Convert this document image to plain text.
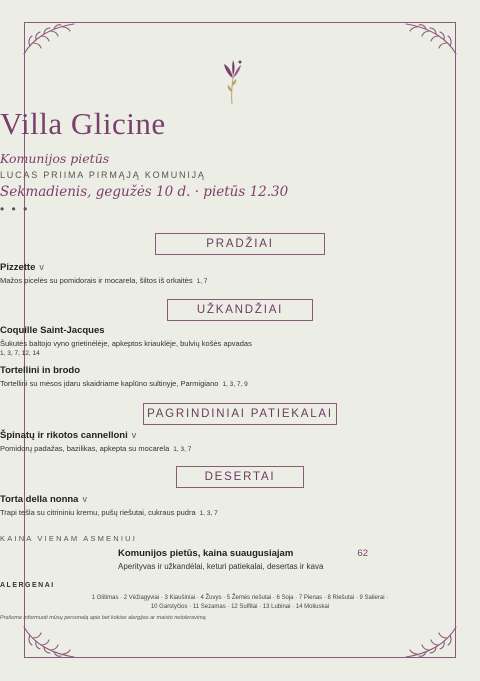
Villa Glicine
Komunijos pietūs
LUCAS PRIIMA PIRMĄJĄ KOMUNIJĄ
Sekmadienis, gegužės 10 d. · pietūs 12.30
• • •
PRADŽIAI
Pizzette v
Mažos picelės su pomidorais ir mocarela, šiltos iš orkaitės 1, 7
UŽKANDŽIAI
Coquille Saint-Jacques
Šukutės baltojo vyno grietinėlėje, apkeptos kriauklėje, bulvių košės apvadas
1, 3, 7, 12, 14
Tortellini in brodo
Tortellini su mėsos įdaru skaidriame kaplūno sultinyje, Parmigiano 1, 3, 7, 9
PAGRINDINIAI PATIEKALAI
Špinatų ir rikotos cannelloni v
Pomidorų padažas, bazilikas, apkepta su mocarela 1, 3, 7
DESERTAI
Torta della nonna v
Trapi tešla su citrininiu kremu, pušų riešutai, cukraus pudra 1, 3, 7
KAINA VIENAM ASMENIUI
Komunijos pietūs, kaina suaugusiajam	62
Aperityvas ir užkandėlai, keturi patiekalai, desertas ir kava
ALERGENAI
1 Glitimas · 2 Vėžiagyviai · 3 Kiaušiniai · 4 Žuvys · 5 Žemės riešutai · 6 Soja · 7 Pienas · 8 Riešutai · 9 Salierai ·
10 Garstyčios · 11 Sezamas · 12 Sulfitai · 13 Lubinai · 14 Moliuskai
Prašome informuoti mūsų personalą apie bet kokias alergijas ar maisto netoleravimą
